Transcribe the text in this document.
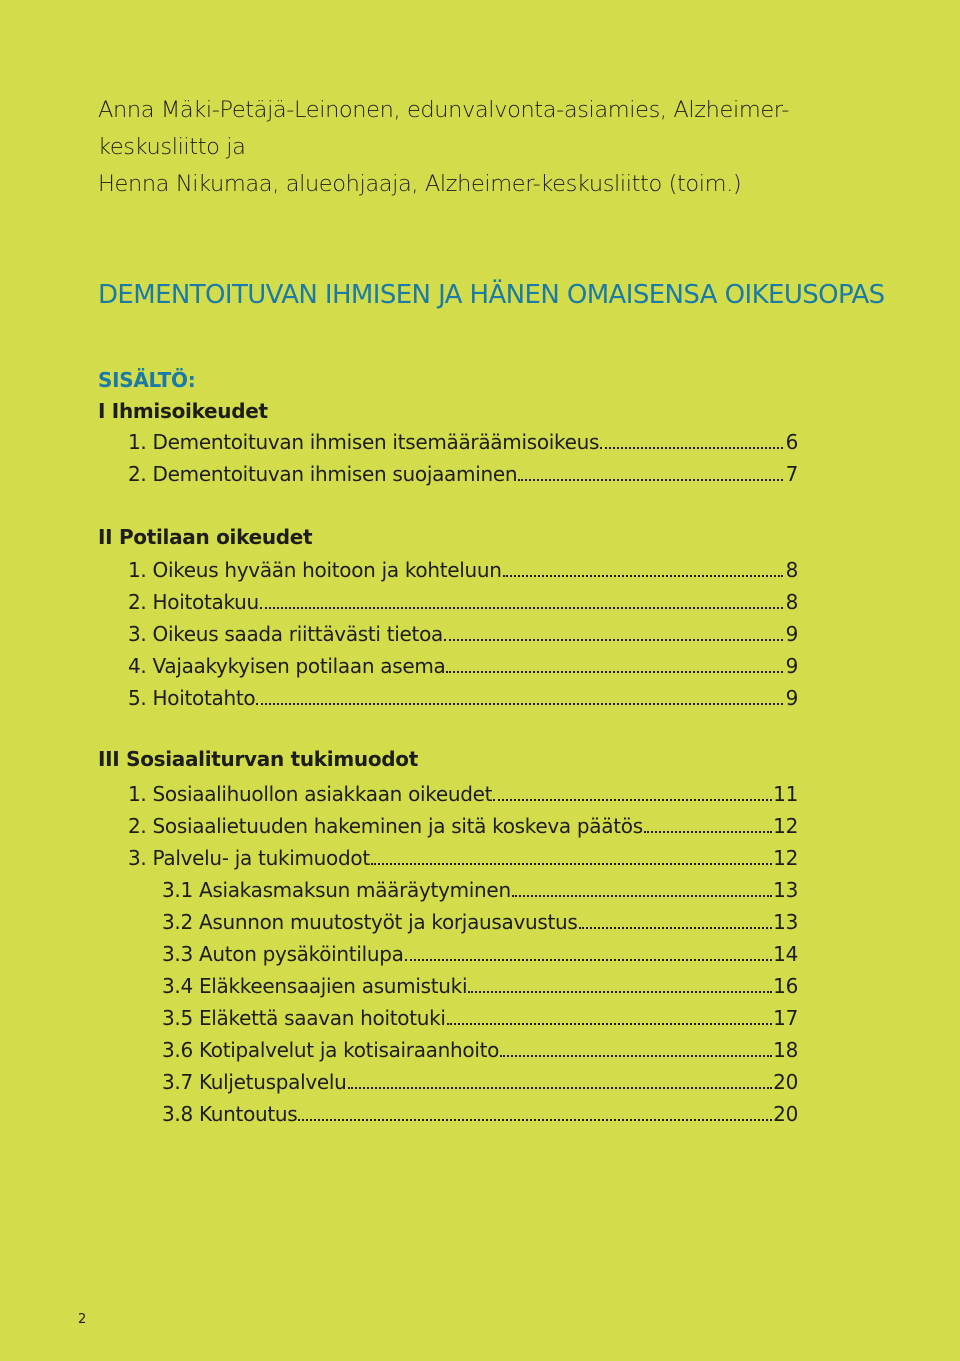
Anna Mäki-Petäjä-Leinonen, edunvalvonta-asiamies, Alzheimer-keskusliitto ja
Henna Nikumaa, alueohjaaja, Alzheimer-keskusliitto (toim.)
DEMENTOITUVAN IHMISEN JA HÄNEN OMAISENSA OIKEUSOPAS
SISÄLTÖ:
I Ihmisoikeudet
II Potilaan oikeudet
III Sosiaaliturvan tukimuodot
1. Dementoituvan ihmisen itsemääräämisoikeus	6
2. Dementoituvan ihmisen suojaaminen	7
1. Oikeus hyvään hoitoon ja kohteluun	8
2. Hoitotakuu	8
3. Oikeus saada riittävästi tietoa	9
4. Vajaakykyisen potilaan asema	9
5. Hoitotahto	9
1. Sosiaalihuollon asiakkaan oikeudet	11
2. Sosiaalietuuden hakeminen ja sitä koskeva päätös	12
3. Palvelu- ja tukimuodot	12
3.1 Asiakasmaksun määräytyminen	13
3.2 Asunnon muutostyöt ja korjausavustus	13
3.3 Auton pysäköintilupa	14
3.4 Eläkkeensaajien asumistuki	16
3.5 Eläkettä saavan hoitotuki	17
3.6 Kotipalvelut ja kotisairaanhoito	18
3.7 Kuljetuspalvelu	20
3.8 Kuntoutus	20
2
